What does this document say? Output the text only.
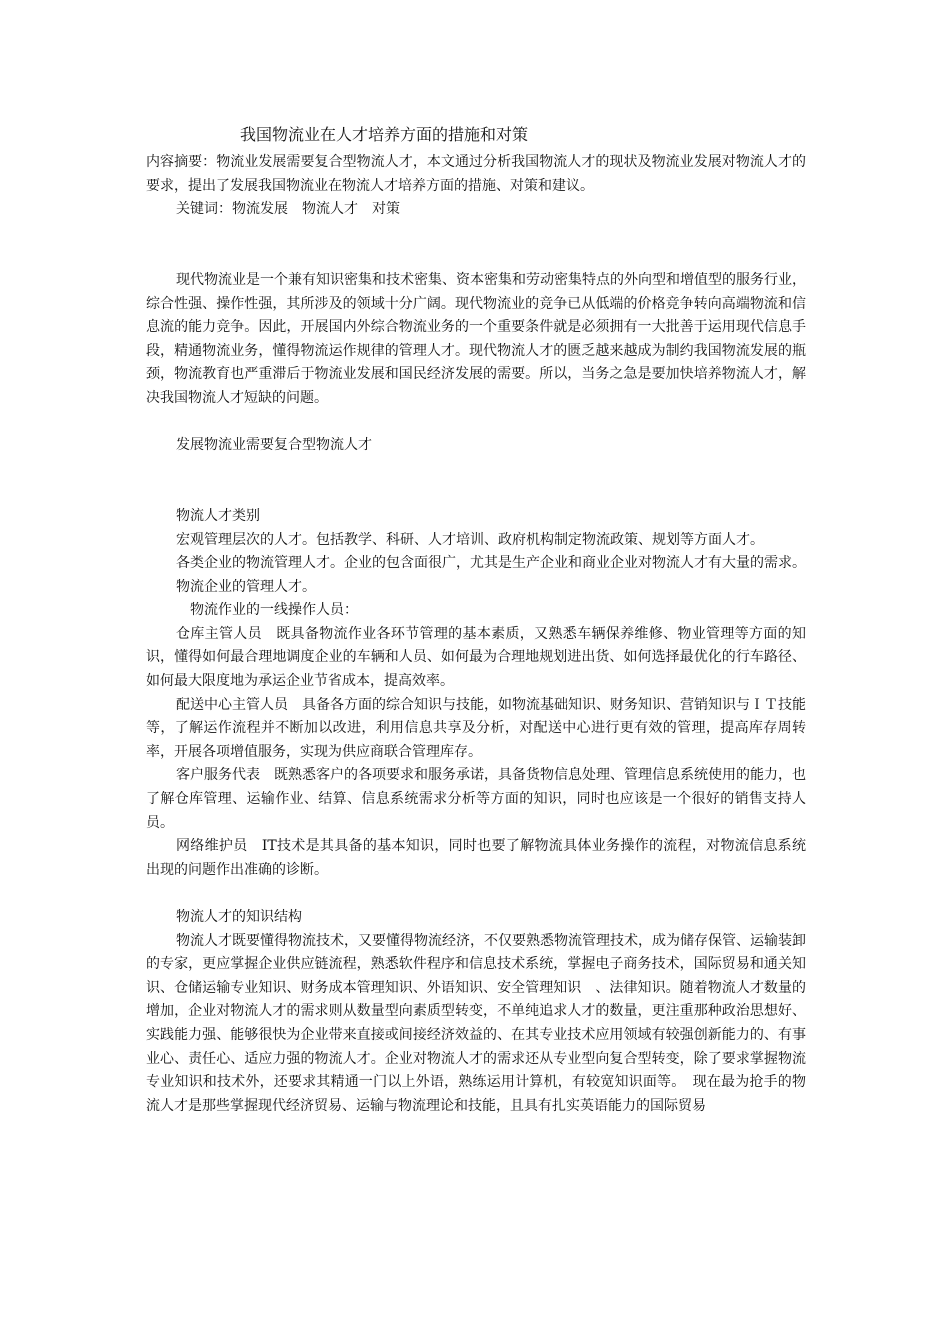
我国物流业在人才培养方面的措施和对策

内容摘要：物流业发展需要复合型物流人才，本文通过分析我国物流人才的现状及物流业发展对物流人才的要求，提出了发展我国物流业在物流人才培养方面的措施、对策和建议。

关键词：物流发展　物流人才　对策

现代物流业是一个兼有知识密集和技术密集、资本密集和劳动密集特点的外向型和增值型的服务行业，综合性强、操作性强，其所涉及的领域十分广阔。现代物流业的竞争已从低端的价格竞争转向高端物流和信息流的能力竞争。因此，开展国内外综合物流业务的一个重要条件就是必须拥有一大批善于运用现代信息手段，精通物流业务，懂得物流运作规律的管理人才。现代物流人才的匮乏越来越成为制约我国物流发展的瓶颈，物流教育也严重滞后于物流业发展和国民经济发展的需要。所以，当务之急是要加快培养物流人才，解决我国物流人才短缺的问题。

发展物流业需要复合型物流人才

物流人才类别

宏观管理层次的人才。包括教学、科研、人才培训、政府机构制定物流政策、规划等方面人才。

各类企业的物流管理人才。企业的包含面很广，尤其是生产企业和商业企业对物流人才有大量的需求。

物流企业的管理人才。

物流作业的一线操作人员：

仓库主管人员　既具备物流作业各环节管理的基本素质，又熟悉车辆保养维修、物业管理等方面的知识，懂得如何最合理地调度企业的车辆和人员、如何最为合理地规划进出货、如何选择最优化的行车路径、如何最大限度地为承运企业节省成本，提高效率。

配送中心主管人员　具备各方面的综合知识与技能，如物流基础知识、财务知识、营销知识与ＩＴ技能等，了解运作流程并不断加以改进，利用信息共享及分析，对配送中心进行更有效的管理，提高库存周转率，开展各项增值服务，实现为供应商联合管理库存。

客户服务代表　既熟悉客户的各项要求和服务承诺，具备货物信息处理、管理信息系统使用的能力，也了解仓库管理、运输作业、结算、信息系统需求分析等方面的知识，同时也应该是一个很好的销售支持人员。

网络维护员　IT技术是其具备的基本知识，同时也要了解物流具体业务操作的流程，对物流信息系统出现的问题作出准确的诊断。

物流人才的知识结构

物流人才既要懂得物流技术，又要懂得物流经济，不仅要熟悉物流管理技术，成为储存保管、运输装卸的专家，更应掌握企业供应链流程，熟悉软件程序和信息技术系统，掌握电子商务技术，国际贸易和通关知识、仓储运输专业知识、财务成本管理知识、外语知识、安全管理知识　、法律知识。随着物流人才数量的增加，企业对物流人才的需求则从数量型向素质型转变，不单纯追求人才的数量，更注重那种政治思想好、实践能力强、能够很快为企业带来直接或间接经济效益的、在其专业技术应用领域有较强创新能力的、有事业心、责任心、适应力强的物流人才。企业对物流人才的需求还从专业型向复合型转变，除了要求掌握物流专业知识和技术外，还要求其精通一门以上外语，熟练运用计算机，有较宽知识面等。　现在最为抢手的物流人才是那些掌握现代经济贸易、运输与物流理论和技能，且具有扎实英语能力的国际贸易
